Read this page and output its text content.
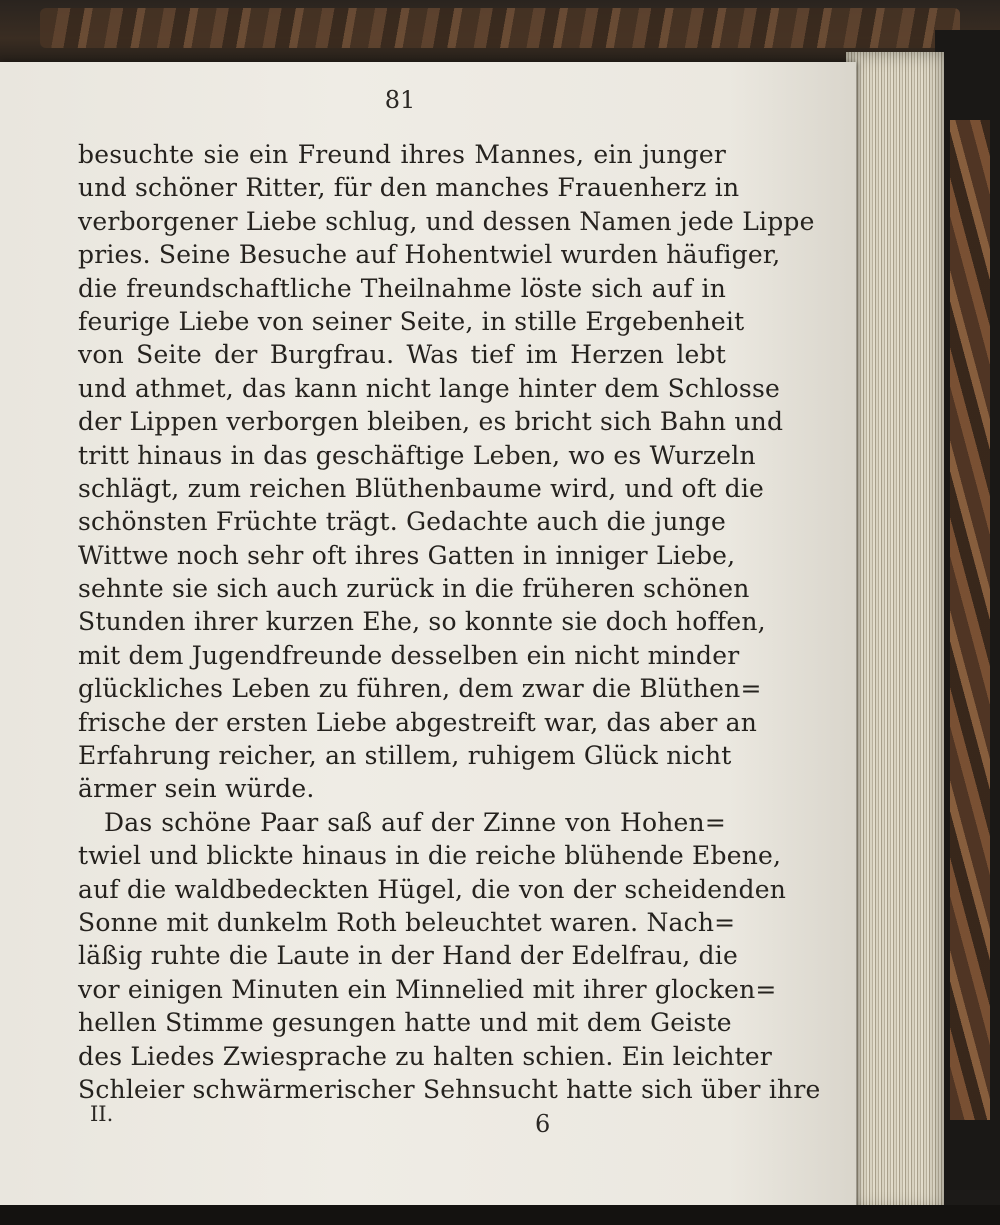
81
besuchte sie ein Freund ihres Mannes, ein junger
und schöner Ritter, für den manches Frauenherz in
verborgener Liebe schlug, und dessen Namen jede Lippe
pries. Seine Besuche auf Hohentwiel wurden häufiger,
die freundschaftliche Theilnahme löste sich auf in
feurige Liebe von seiner Seite, in stille Ergebenheit
von Seite der Burgfrau. Was tief im Herzen lebt
und athmet, das kann nicht lange hinter dem Schlosse
der Lippen verborgen bleiben, es bricht sich Bahn und
tritt hinaus in das geschäftige Leben, wo es Wurzeln
schlägt, zum reichen Blüthenbaume wird, und oft die
schönsten Früchte trägt. Gedachte auch die junge
Wittwe noch sehr oft ihres Gatten in inniger Liebe,
sehnte sie sich auch zurück in die früheren schönen
Stunden ihrer kurzen Ehe, so konnte sie doch hoffen,
mit dem Jugendfreunde desselben ein nicht minder
glückliches Leben zu führen, dem zwar die Blüthen=
frische der ersten Liebe abgestreift war, das aber an
Erfahrung reicher, an stillem, ruhigem Glück nicht
ärmer sein würde.
Das schöne Paar saß auf der Zinne von Hohen=
twiel und blickte hinaus in die reiche blühende Ebene,
auf die waldbedeckten Hügel, die von der scheidenden
Sonne mit dunkelm Roth beleuchtet waren. Nach=
läßig ruhte die Laute in der Hand der Edelfrau, die
vor einigen Minuten ein Minnelied mit ihrer glocken=
hellen Stimme gesungen hatte und mit dem Geiste
des Liedes Zwiesprache zu halten schien. Ein leichter
Schleier schwärmerischer Sehnsucht hatte sich über ihre
II.	6
